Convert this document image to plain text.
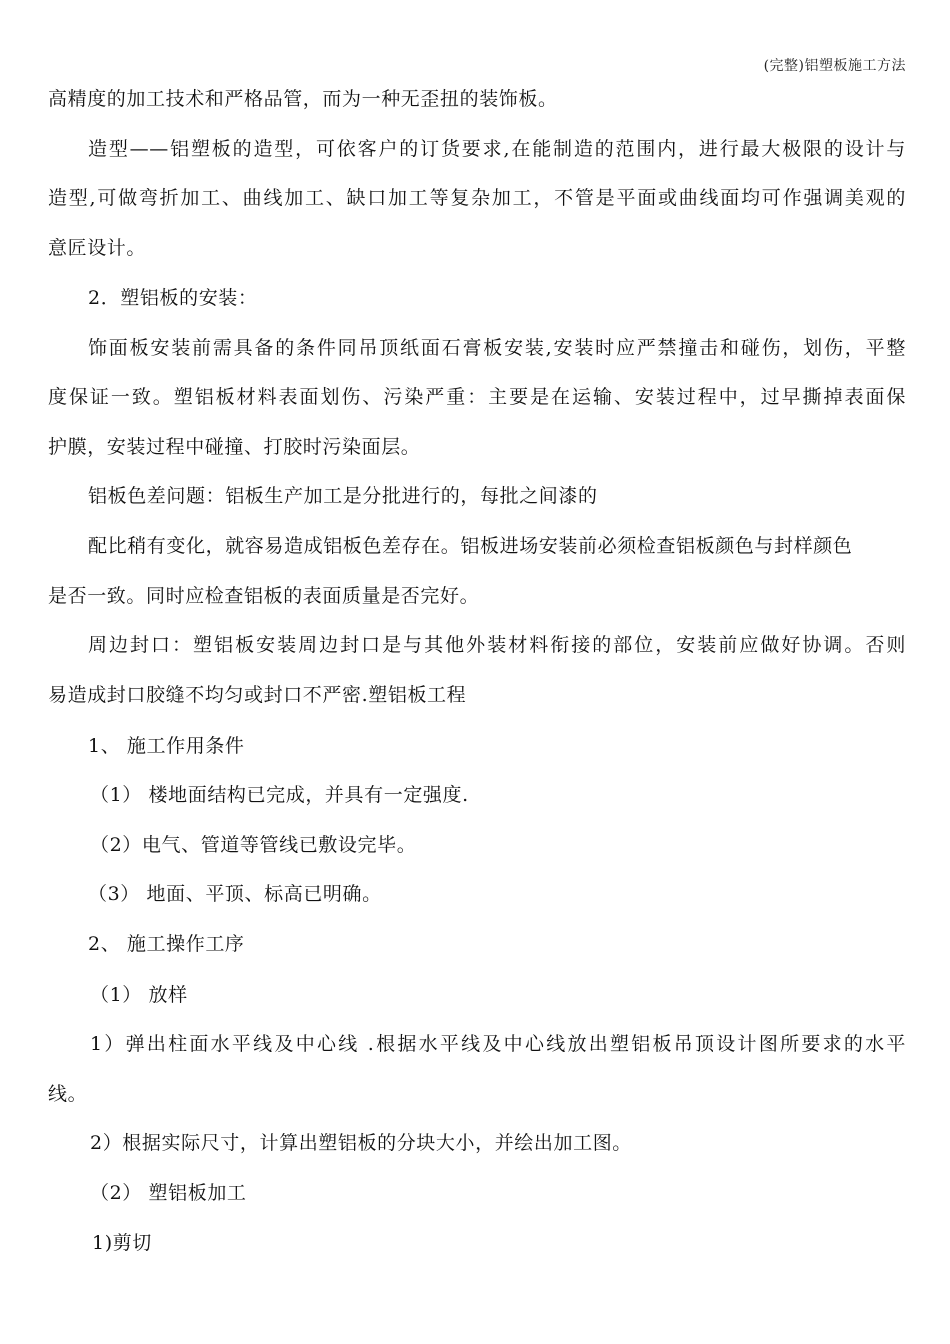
(完整)铝塑板施工方法
高精度的加工技术和严格品管，而为一种无歪扭的装饰板。
造型——铝塑板的造型，可依客户的订货要求,在能制造的范围内，进行最大极限的设计与
造型,可做弯折加工、曲线加工、缺口加工等复杂加工，不管是平面或曲线面均可作强调美观的
意匠设计。
2．塑铝板的安装：
饰面板安装前需具备的条件同吊顶纸面石膏板安装,安装时应严禁撞击和碰伤，划伤，平整
度保证一致。塑铝板材料表面划伤、污染严重：主要是在运输、安装过程中，过早撕掉表面保
护膜，安装过程中碰撞、打胶时污染面层。
铝板色差问题：铝板生产加工是分批进行的，每批之间漆的
配比稍有变化，就容易造成铝板色差存在。铝板进场安装前必须检查铝板颜色与封样颜色
是否一致。同时应检查铝板的表面质量是否完好。
周边封口：塑铝板安装周边封口是与其他外装材料衔接的部位，安装前应做好协调。否则
易造成封口胶缝不均匀或封口不严密.塑铝板工程
1、 施工作用条件
（1） 楼地面结构已完成，并具有一定强度.
（2）电气、管道等管线已敷设完毕。
（3） 地面、平顶、标高已明确。
2、 施工操作工序
（1） 放样
1）弹出柱面水平线及中心线 .根据水平线及中心线放出塑铝板吊顶设计图所要求的水平
线。
2）根据实际尺寸，计算出塑铝板的分块大小，并绘出加工图。
（2） 塑铝板加工
1)剪切
